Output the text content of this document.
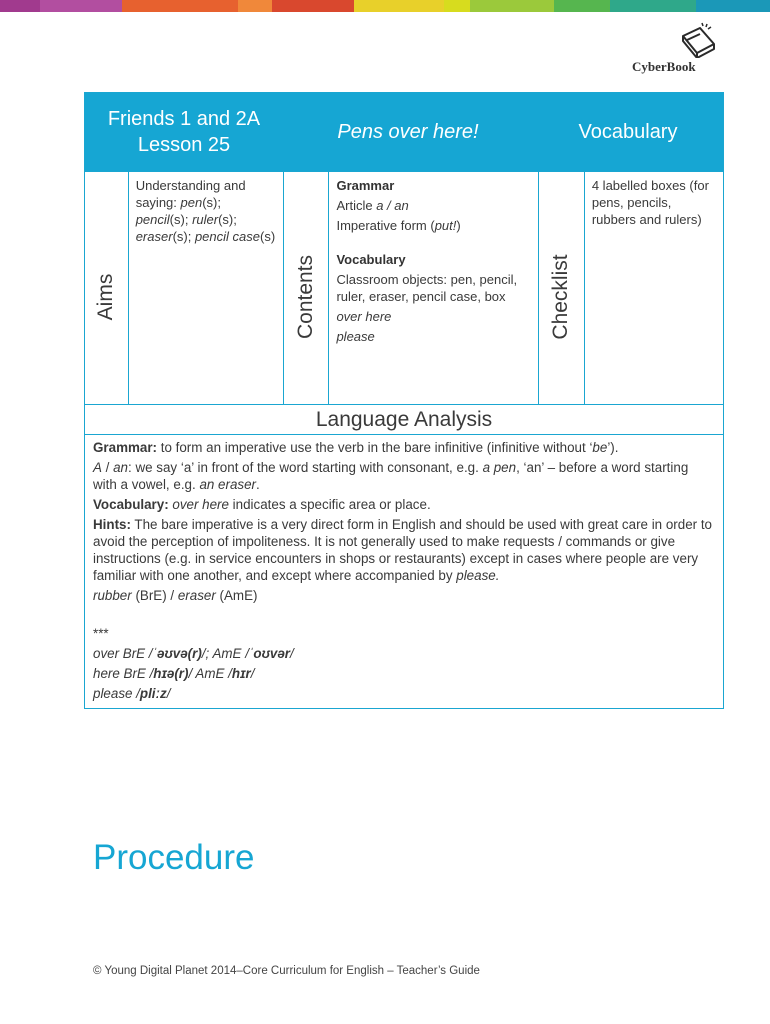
CyberBook
Friends 1 and 2A
Lesson 25
Pens over here!	Vocabulary
Aims
Understanding and saying: pen(s); pencil(s); ruler(s); eraser(s); pencil case(s)
Contents

Grammar

Article a / an

Imperative form (put!)

Vocabulary

Classroom objects: pen, pencil, ruler, eraser, pencil case, box

over here

please	Checklist
4 labelled boxes (for pens, pencils, rubbers and rulers)
Language Analysis

Grammar: to form an imperative use the verb in the bare infinitive (infinitive without ‘be’).

A / an: we say ‘a’ in front of the word starting with consonant, e.g. a pen, ‘an’ – before a word starting with a vowel, e.g. an eraser.

Vocabulary: over here indicates a specific area or place.

Hints: The bare imperative is a very direct form in English and should be used with great care in order to avoid the perception of impoliteness. It is not generally used to make requests / commands or give instructions (e.g. in service encounters in shops or restaurants) except in cases where people are very familiar with one another, and except where accompanied by please.

rubber (BrE) / eraser (AmE)

***

over BrE /ˈəʊvə(r)/; AmE /ˈoʊvər/

here BrE /hɪə(r)/ AmE /hɪr/

please /pliːz/

Procedure
© Young Digital Planet 2014–Core Curriculum for English – Teacher’s Guide
